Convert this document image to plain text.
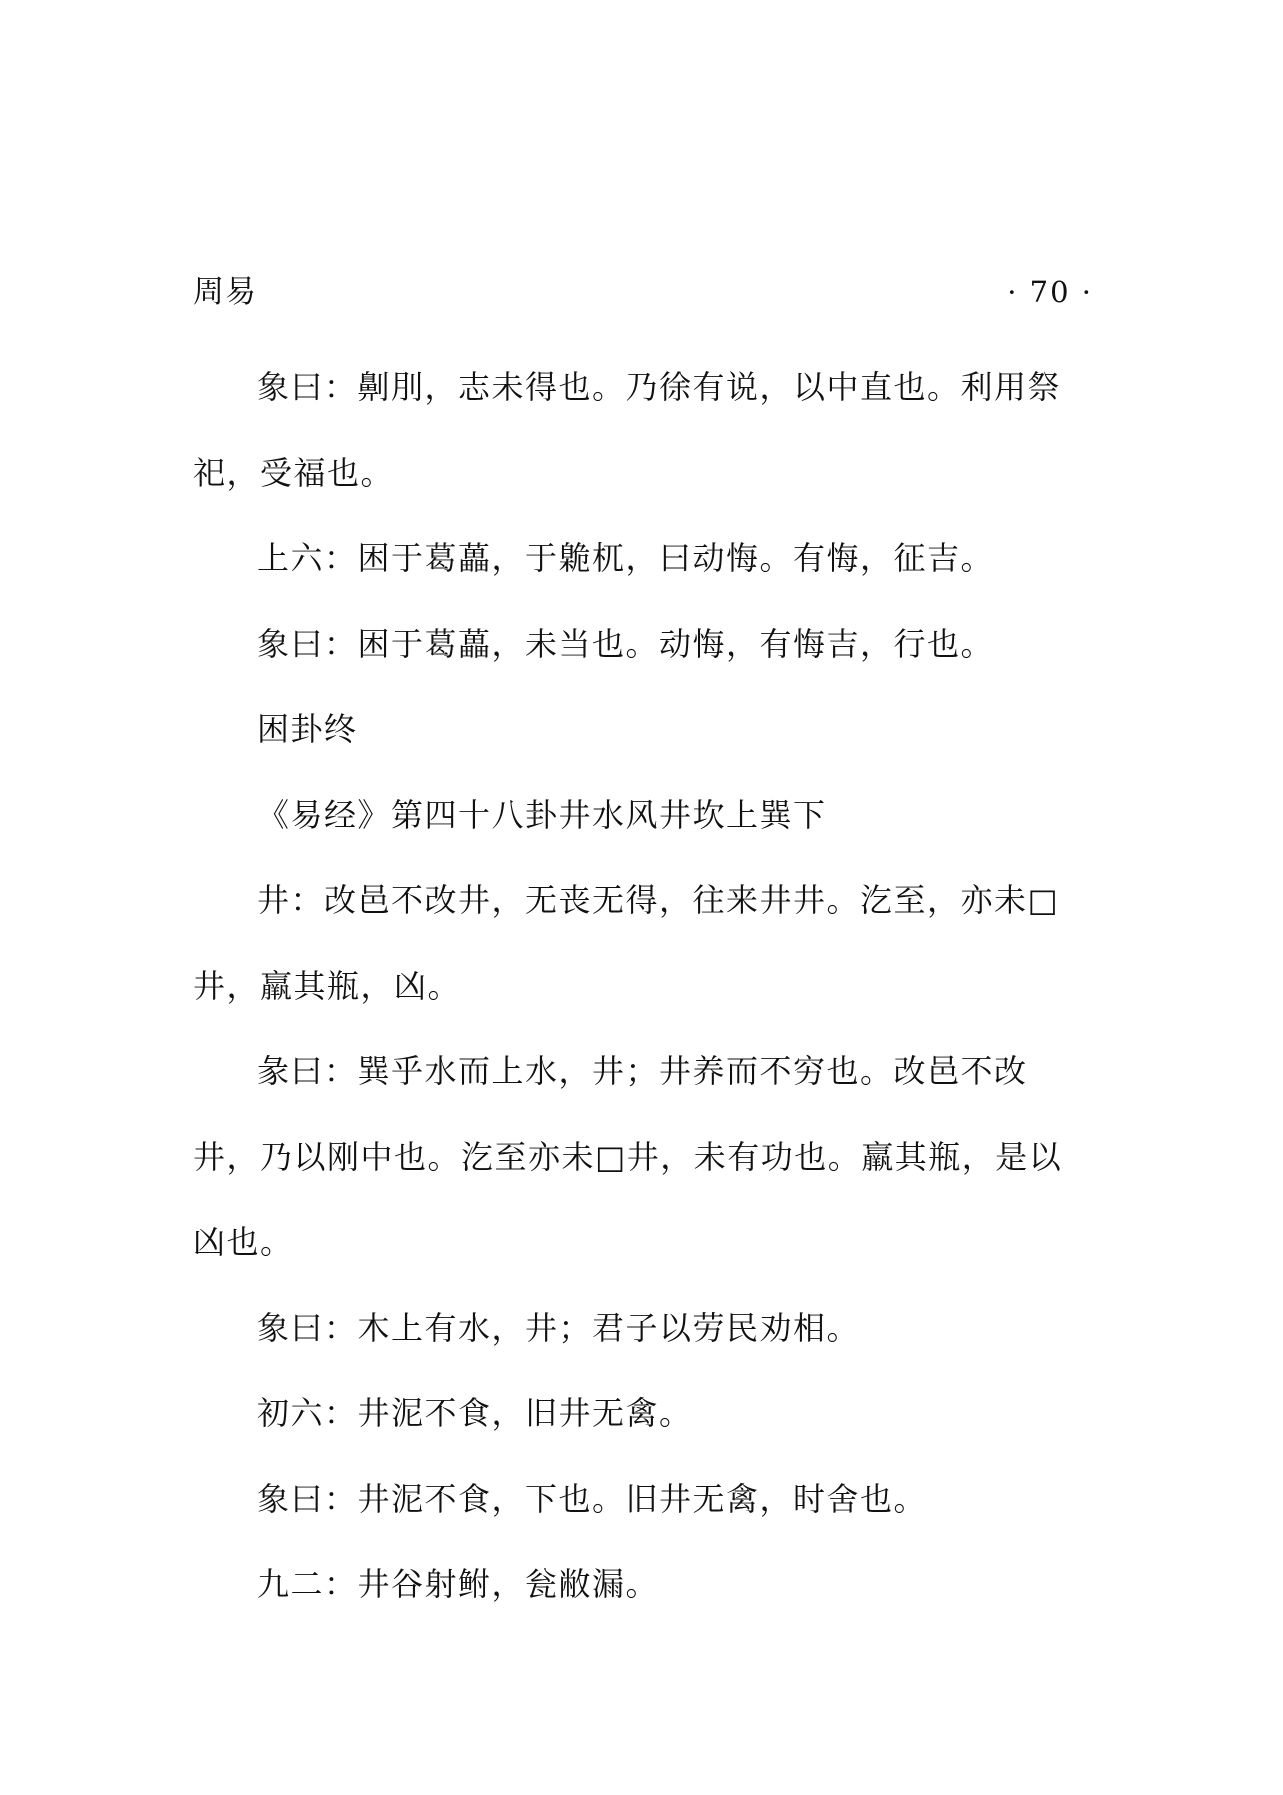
周易	· 70 ·

象曰：劓刖，志未得也。乃徐有说，以中直也。利用祭祀，受福也。

上六：困于葛藟，于臲杌，曰动悔。有悔，征吉。

象曰：困于葛藟，未当也。动悔，有悔吉，行也。

困卦终

《易经》第四十八卦井水风井坎上巽下

井：改邑不改井，无丧无得，往来井井。汔至，亦未□井，羸其瓶，凶。

彖曰：巽乎水而上水，井；井养而不穷也。改邑不改井，乃以刚中也。汔至亦未□井，未有功也。羸其瓶，是以凶也。

象曰：木上有水，井；君子以劳民劝相。

初六：井泥不食，旧井无禽。

象曰：井泥不食，下也。旧井无禽，时舍也。

九二：井谷射鲋，瓮敝漏。
